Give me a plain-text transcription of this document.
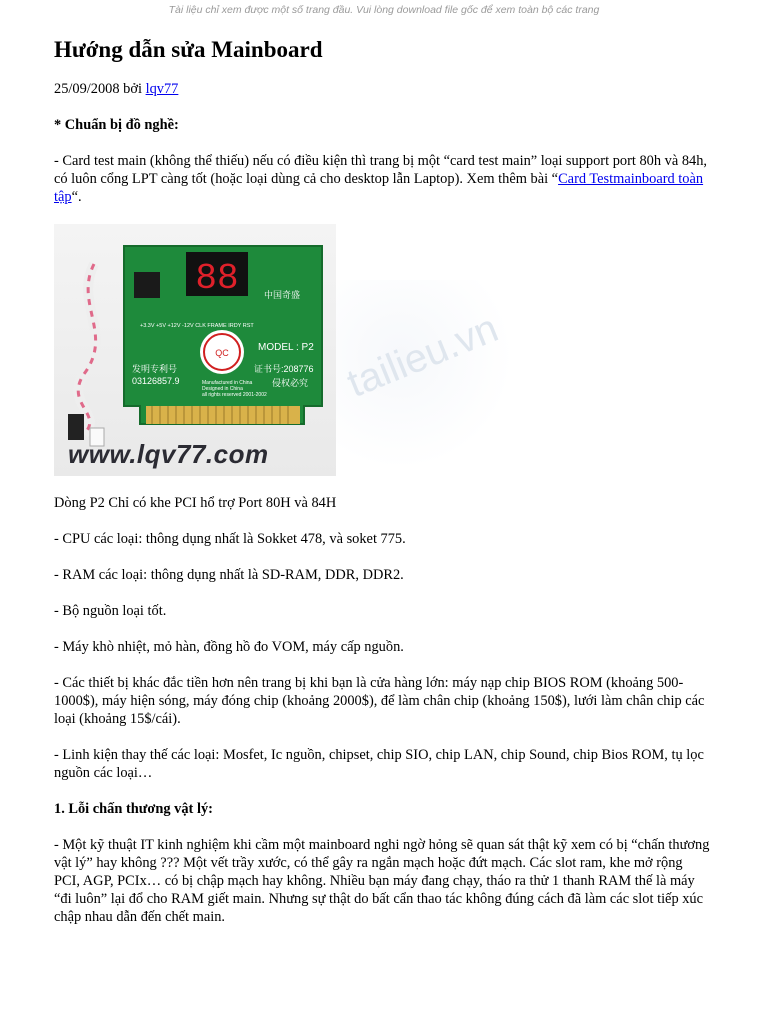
Tài liệu chỉ xem được một số trang đầu. Vui lòng download file gốc để xem toàn bộ các trang
Hướng dẫn sửa Mainboard

25/09/2008 bởi lqv77

* Chuẩn bị đồ nghề:

- Card test main (không thể thiếu) nếu có điều kiện thì trang bị một “card test main” loại support port 80h và 84h, có luôn cổng LPT càng tốt (hoặc loại dùng cả cho desktop lẫn Laptop). Xem thêm bài “Card Testmainboard toàn tập“.

tailieu.vn
88	中国奇盛
+3.3V +5V +12V -12V CLK FRAME IRDY RST
QC	MODEL : P2
证书号:208776
侵权必究
发明专利号
03126857.9	Manufactured in China
Designed in China
all rights reserved 2001-2002
www.lqv77.com

Dòng P2 Chỉ có khe PCI hổ trợ Port 80H và 84H

- CPU các loại: thông dụng nhất là Sokket 478, và soket 775.

- RAM các loại: thông dụng nhất là SD-RAM, DDR, DDR2.

- Bộ nguồn loại tốt.

- Máy khò nhiệt, mỏ hàn, đồng hồ đo VOM, máy cấp nguồn.

- Các thiết bị khác đắc tiền hơn nên trang bị khi bạn là cửa hàng lớn: máy nạp chip BIOS ROM (khoảng 500-1000$), máy hiện sóng, máy đóng chip (khoảng 2000$), để làm chân chip (khoảng 150$), lưới làm chân chip các loại (khoảng 15$/cái).

- Linh kiện thay thế các loại: Mosfet, Ic nguồn, chipset, chip SIO, chip LAN, chip Sound, chip Bios ROM, tụ lọc nguồn các loại…

1. Lỗi chấn thương vật lý:

- Một kỹ thuật IT kinh nghiệm khi cầm một mainboard nghi ngờ hỏng sẽ quan sát thật kỹ xem có bị “chấn thương vật lý” hay không ??? Một vết trầy xước, có thể gây ra ngắn mạch hoặc đứt mạch. Các slot ram, khe mở rộng PCI, AGP, PCIx… có bị chập mạch hay không. Nhiều bạn máy đang chạy, tháo ra thử 1 thanh RAM thế là máy “đi luôn” lại đổ cho RAM giết main. Nhưng sự thật do bất cẩn thao tác không đúng cách đã làm các slot tiếp xúc chập nhau dẫn đến chết main.
